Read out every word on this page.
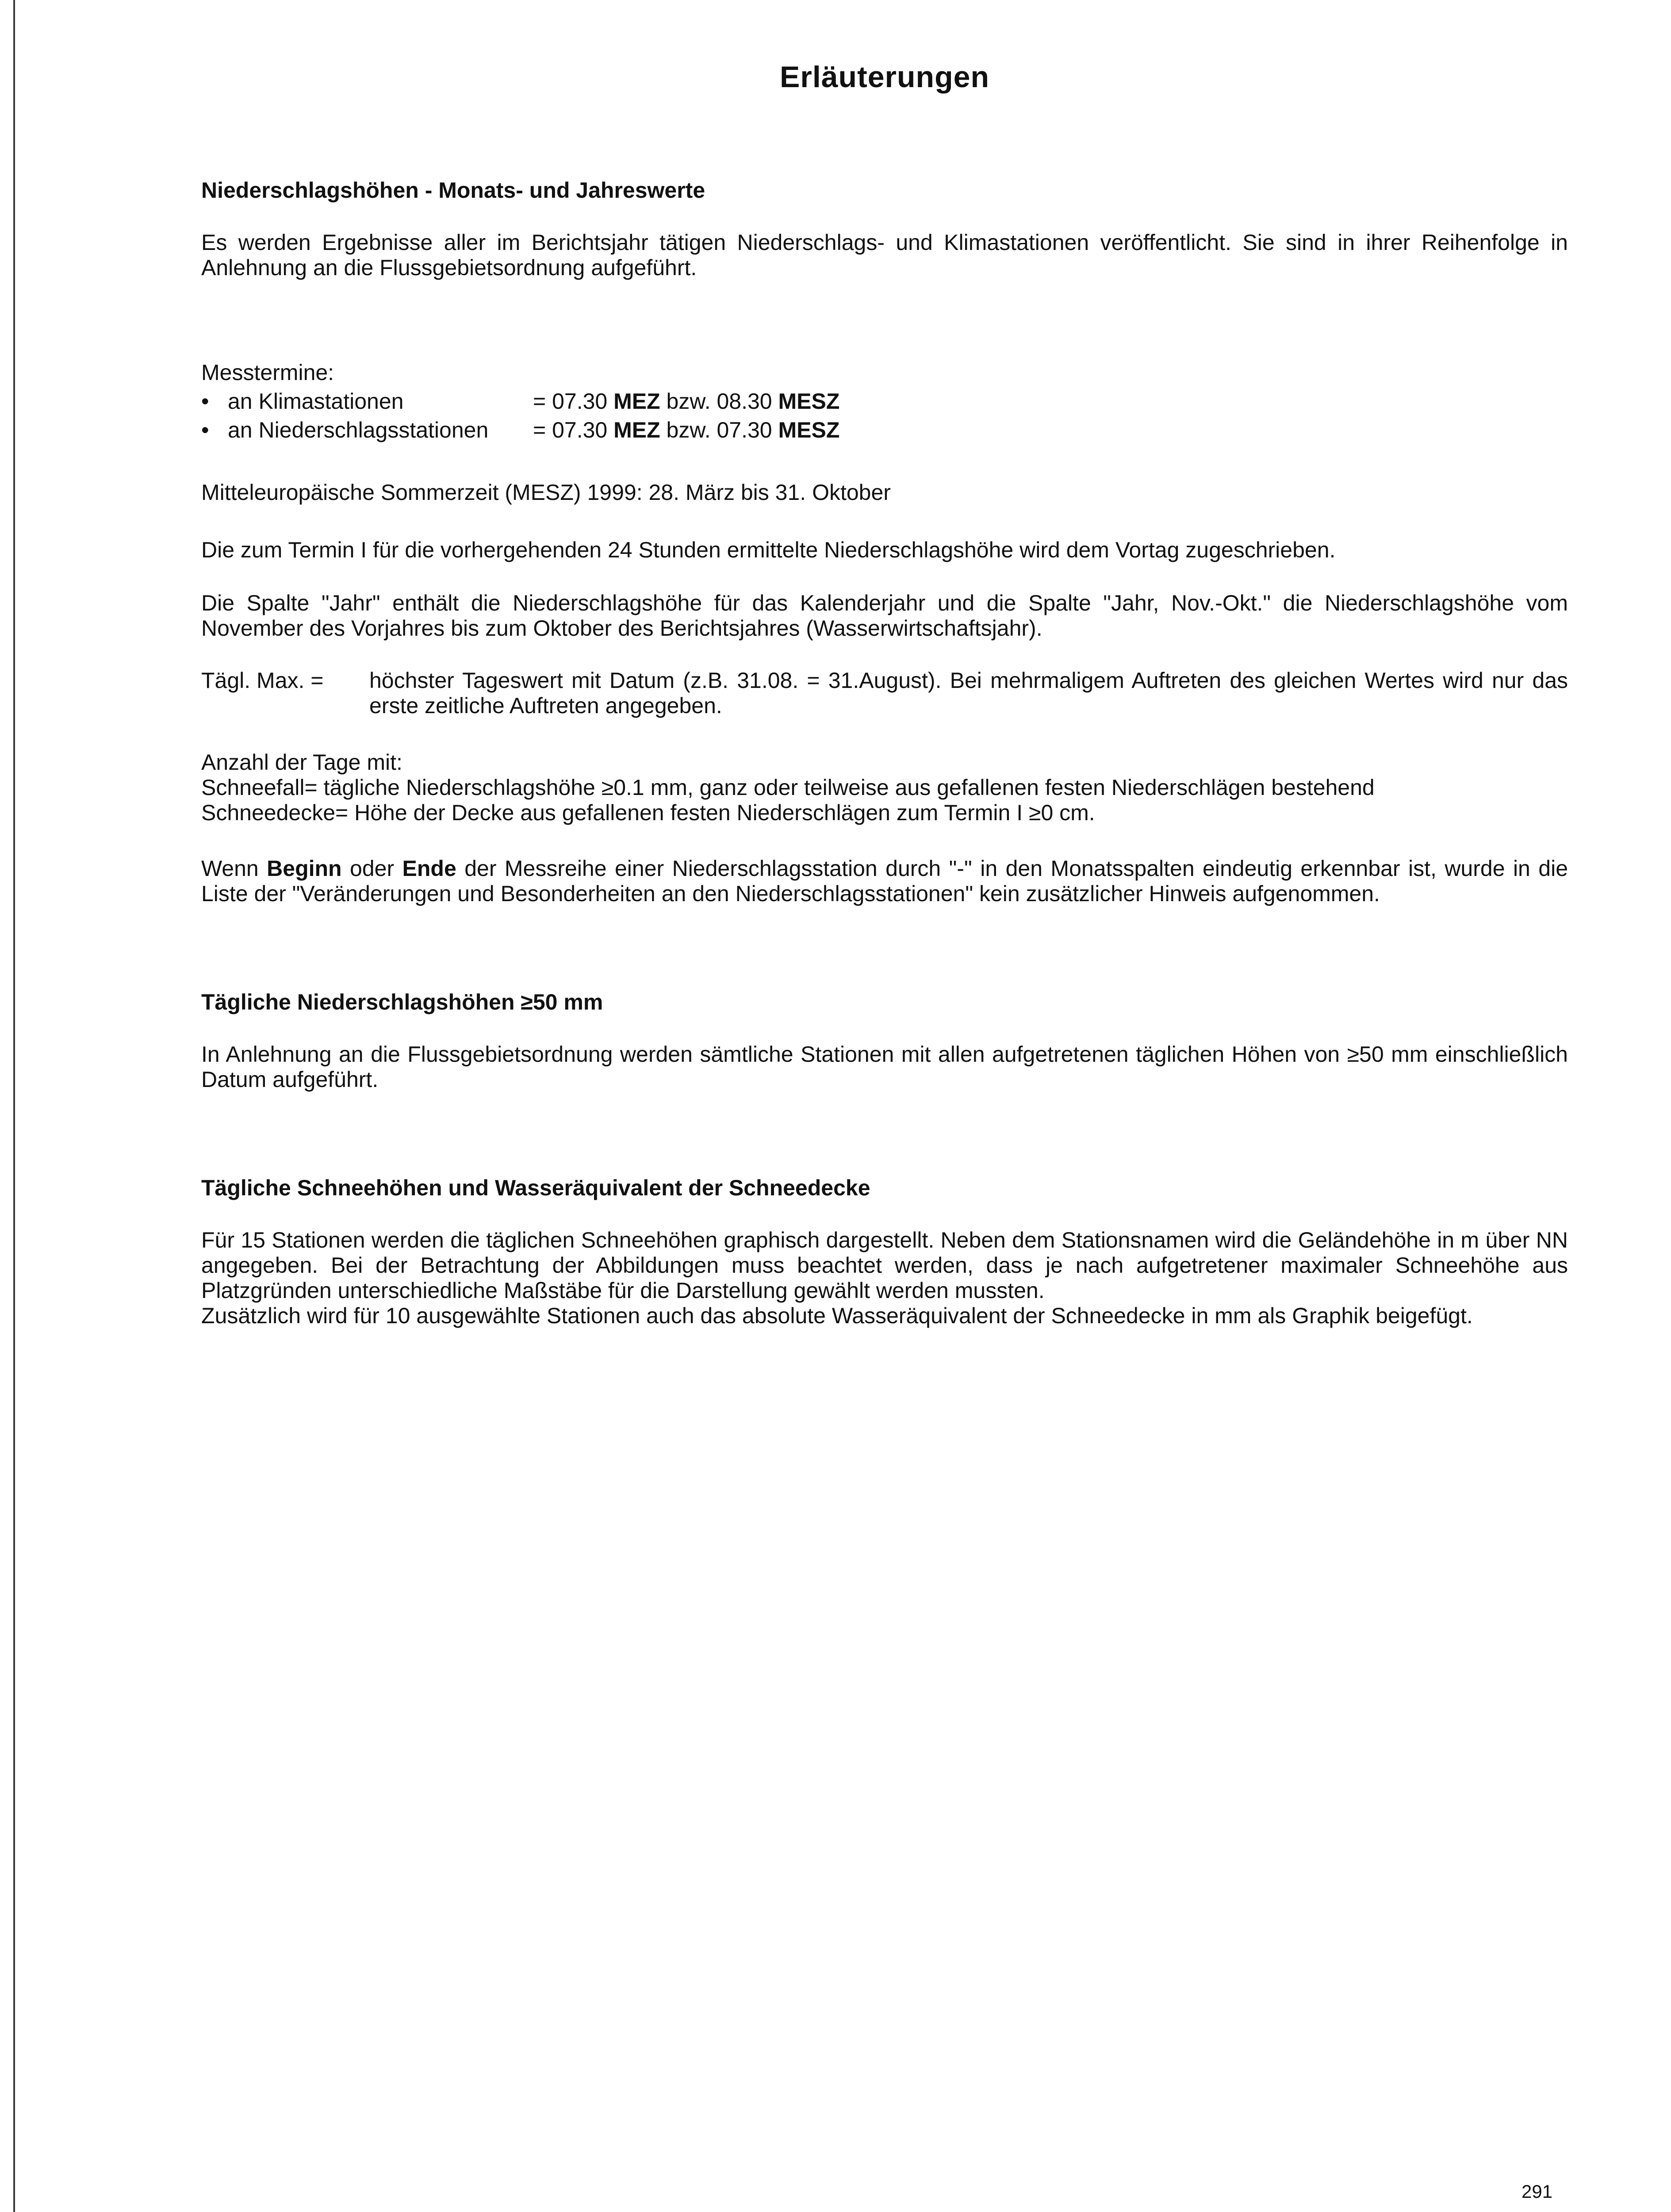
Erläuterungen

Niederschlagshöhen - Monats- und Jahreswerte

Es werden Ergebnisse aller im Berichtsjahr tätigen Niederschlags- und Klimastationen veröffentlicht. Sie sind in ihrer Reihenfolge in Anlehnung an die Flussgebietsordnung aufgeführt.

Messtermine:
• an Klimastationen	= 07.30 MEZ bzw. 08.30 MESZ
• an Niederschlagsstationen	= 07.30 MEZ bzw. 07.30 MESZ

Mitteleuropäische Sommerzeit (MESZ) 1999: 28. März bis 31. Oktober

Die zum Termin I für die vorhergehenden 24 Stunden ermittelte Niederschlagshöhe wird dem Vortag zugeschrieben.

Die Spalte "Jahr" enthält die Niederschlagshöhe für das Kalenderjahr und die Spalte "Jahr, Nov.-Okt." die Niederschlagshöhe vom November des Vorjahres bis zum Oktober des Berichtsjahres (Wasserwirtschaftsjahr).

Tägl. Max. =	höchster Tageswert mit Datum (z.B. 31.08. = 31.August). Bei mehrmaligem Auftreten des gleichen Wertes wird nur das erste zeitliche Auftreten angegeben.

Anzahl der Tage mit:

Schneefall= tägliche Niederschlagshöhe ≥0.1 mm, ganz oder teilweise aus gefallenen festen Niederschlägen bestehend

Schneedecke= Höhe der Decke aus gefallenen festen Niederschlägen zum Termin I ≥0 cm.

Wenn Beginn oder Ende der Messreihe einer Niederschlagsstation durch "-" in den Monatsspalten eindeutig erkennbar ist, wurde in die Liste der "Veränderungen und Besonderheiten an den Niederschlagsstationen" kein zusätzlicher Hinweis aufgenommen.

Tägliche Niederschlagshöhen ≥50 mm

In Anlehnung an die Flussgebietsordnung werden sämtliche Stationen mit allen aufgetretenen täglichen Höhen von ≥50 mm einschließlich Datum aufgeführt.

Tägliche Schneehöhen und Wasseräquivalent der Schneedecke

Für 15 Stationen werden die täglichen Schneehöhen graphisch dargestellt. Neben dem Stationsnamen wird die Geländehöhe in m über NN angegeben. Bei der Betrachtung der Abbildungen muss beachtet werden, dass je nach aufgetretener maximaler Schneehöhe aus Platzgründen unterschiedliche Maßstäbe für die Darstellung gewählt werden mussten.

Zusätzlich wird für 10 ausgewählte Stationen auch das absolute Wasseräquivalent der Schneedecke in mm als Graphik beigefügt.

291
